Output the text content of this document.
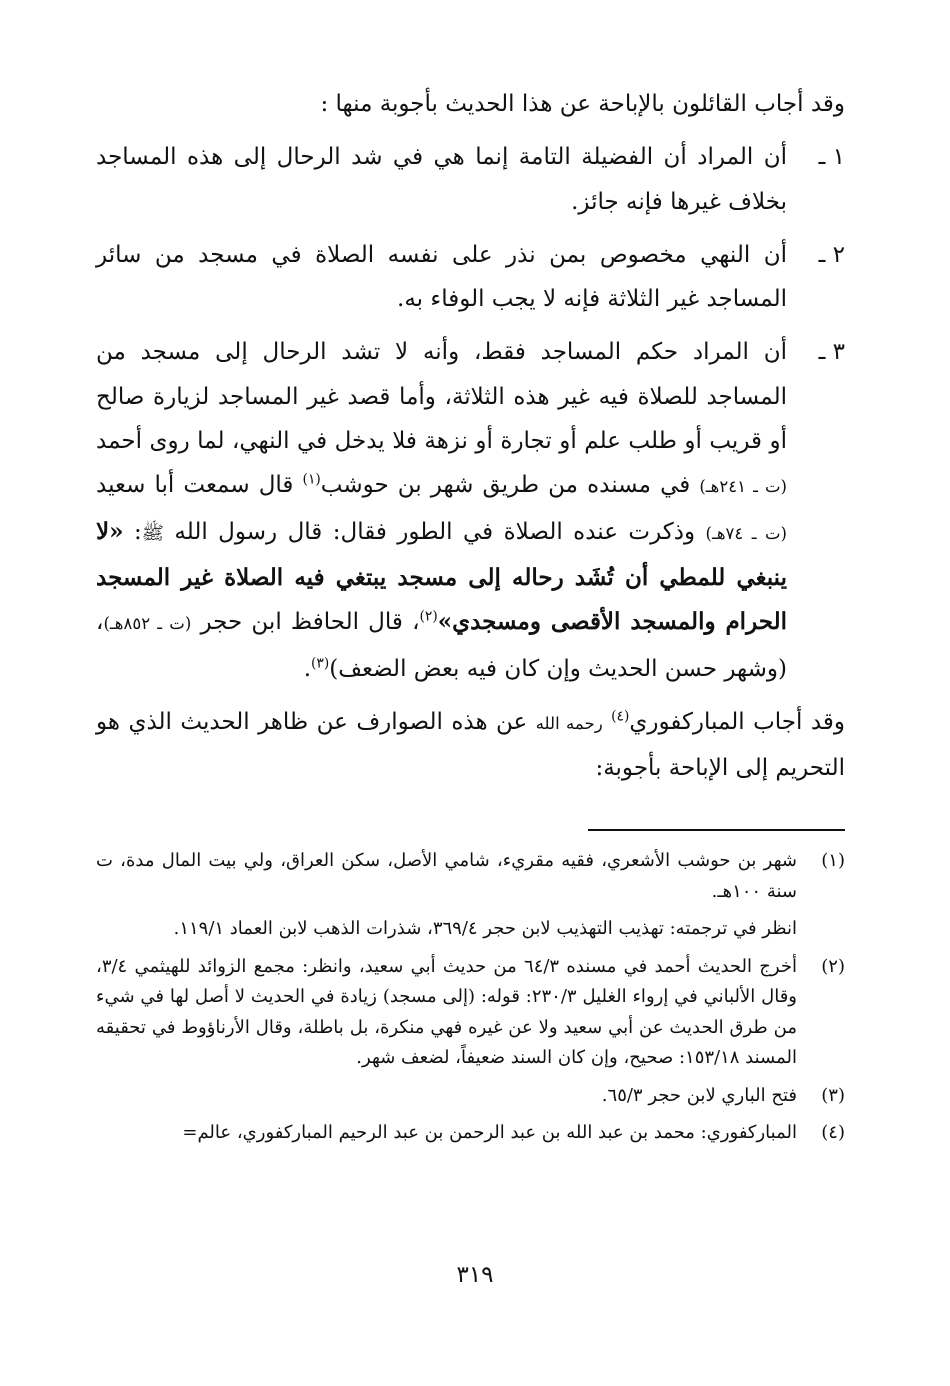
وقد أجاب القائلون بالإباحة عن هذا الحديث بأجوبة منها :

١ ـ
أن المراد أن الفضيلة التامة إنما هي في شد الرحال إلى هذه المساجد بخلاف غيرها فإنه جائز.
٢ ـ
أن النهي مخصوص بمن نذر على نفسه الصلاة في مسجد من سائر المساجد غير الثلاثة فإنه لا يجب الوفاء به.
٣ ـ
أن المراد حكم المساجد فقط، وأنه لا تشد الرحال إلى مسجد من المساجد للصلاة فيه غير هذه الثلاثة، وأما قصد غير المساجد لزيارة صالح أو قريب أو طلب علم أو تجارة أو نزهة فلا يدخل في النهي، لما روى أحمد (ت ـ ٢٤١هـ) في مسنده من طريق شهر بن حوشب$^{(١)}$ قال سمعت أبا سعيد (ت ـ ٧٤هـ) وذكرت عنده الصلاة في الطور فقال: قال رسول الله ﷺ: «لا ينبغي للمطي أن تُشَد رحاله إلى مسجد يبتغي فيه الصلاة غير المسجد الحرام والمسجد الأقصى ومسجدي»$^{(٢)}$، قال الحافظ ابن حجر (ت ـ ٨٥٢هـ)، (وشهر حسن الحديث وإن كان فيه بعض الضعف)$^{(٣)}$.

وقد أجاب المباركفوري$^{(٤)}$ رحمه الله عن هذه الصوارف عن ظاهر الحديث الذي هو التحريم إلى الإباحة بأجوبة:

(١)
شهر بن حوشب الأشعري، فقيه مقريء، شامي الأصل، سكن العراق، ولي بيت المال مدة، ت سنة ١٠٠هـ.
انظر في ترجمته: تهذيب التهذيب لابن حجر ٣٦٩/٤، شذرات الذهب لابن العماد ١١٩/١.
(٢)
أخرج الحديث أحمد في مسنده ٦٤/٣ من حديث أبي سعيد، وانظر: مجمع الزوائد للهيثمي ٣/٤، وقال الألباني في إرواء الغليل ٢٣٠/٣: قوله: (إلى مسجد) زيادة في الحديث لا أصل لها في شيء من طرق الحديث عن أبي سعيد ولا عن غيره فهي منكرة، بل باطلة، وقال الأرناؤوط في تحقيقه المسند ١٥٣/١٨: صحيح، وإن كان السند ضعيفاً، لضعف شهر.
(٣)
فتح الباري لابن حجر ٦٥/٣.
(٤)
المباركفوري: محمد بن عبد الله بن عبد الرحمن بن عبد الرحيم المباركفوري، عالم=
٣١٩
